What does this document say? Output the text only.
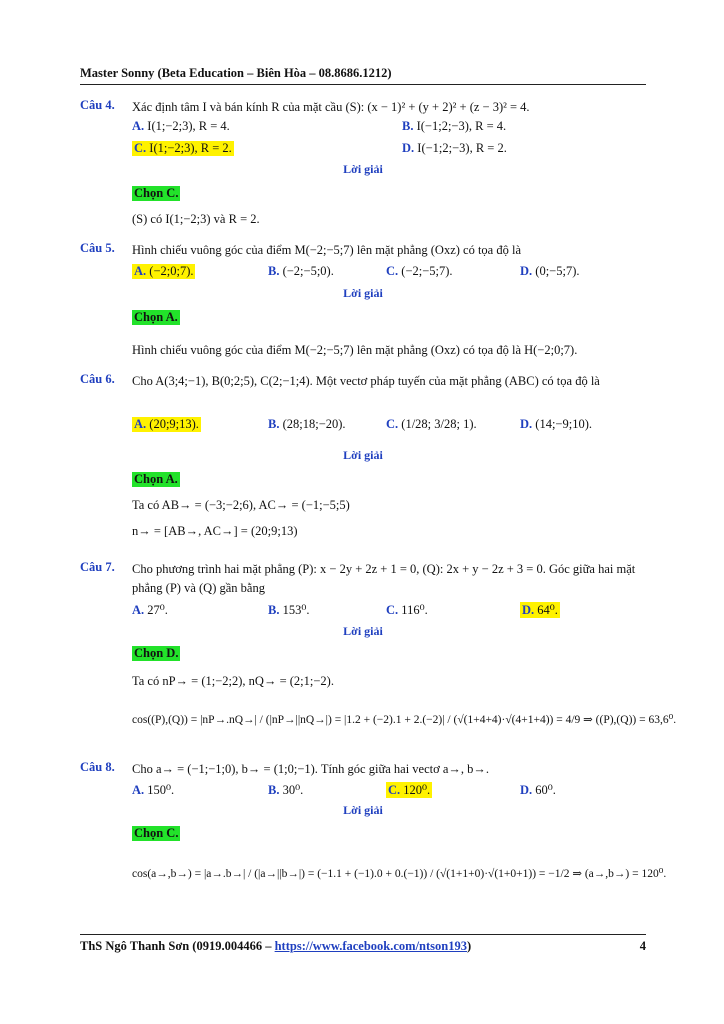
Master Sonny (Beta Education – Biên Hòa – 08.8686.1212)
Câu 4. Xác định tâm I và bán kính R của mặt cầu (S): (x − 1)² + (y + 2)² + (z − 3)² = 4.
A. I(1;−2;3), R = 4.	B. I(−1;2;−3), R = 4.
C. I(1;−2;3), R = 2.	D. I(−1;2;−3), R = 2.
Lời giải
Chọn C.
(S) có I(1;−2;3) và R = 2.
Câu 5. Hình chiếu vuông góc của điểm M(−2;−5;7) lên mặt phẳng (Oxz) có tọa độ là
A. (−2;0;7).	B. (−2;−5;0).	C. (−2;−5;7).	D. (0;−5;7).
Lời giải
Chọn A.
Hình chiếu vuông góc của điểm M(−2;−5;7) lên mặt phẳng (Oxz) có tọa độ là H(−2;0;7).
Câu 6. Cho A(3;4;−1), B(0;2;5), C(2;−1;4). Một vectơ pháp tuyến của mặt phẳng (ABC) có tọa độ là
A. (20;9;13).	B. (28;18;−20).	C. (1/28; 3/28; 1).	D. (14;−9;10).
Lời giải
Chọn A.
Ta có AB→ = (−3;−2;6), AC→ = (−1;−5;5)
n→ = [AB→, AC→] = (20;9;13)
Câu 7. Cho phương trình hai mặt phẳng (P): x − 2y + 2z + 1 = 0, (Q): 2x + y − 2z + 3 = 0. Góc giữa hai mặt phẳng (P) và (Q) gần bằng
A. 27⁰.	B. 153⁰.	C. 116⁰.	D. 64⁰.
Lời giải
Chọn D.
Ta có nP→ = (1;−2;2), nQ→ = (2;1;−2).
cos((P),(Q)) = |nP→.nQ→| / (|nP→||nQ→|) = |1.2 + (−2).1 + 2.(−2)| / (√(1+4+4)·√(4+1+4)) = 4/9 ⇒ ((P),(Q)) = 63,6⁰.
Câu 8. Cho a→ = (−1;−1;0), b→ = (1;0;−1). Tính góc giữa hai vectơ a→, b→.
A. 150⁰.	B. 30⁰.	C. 120⁰.	D. 60⁰.
Lời giải
Chọn C.
cos(a→,b→) = |a→.b→| / (|a→||b→|) = (−1.1 + (−1).0 + 0.(−1)) / (√(1+1+0)·√(1+0+1)) = −1/2 ⇒ (a→,b→) = 120⁰.
ThS Ngô Thanh Sơn (0919.004466 – https://www.facebook.com/ntson193)	4
